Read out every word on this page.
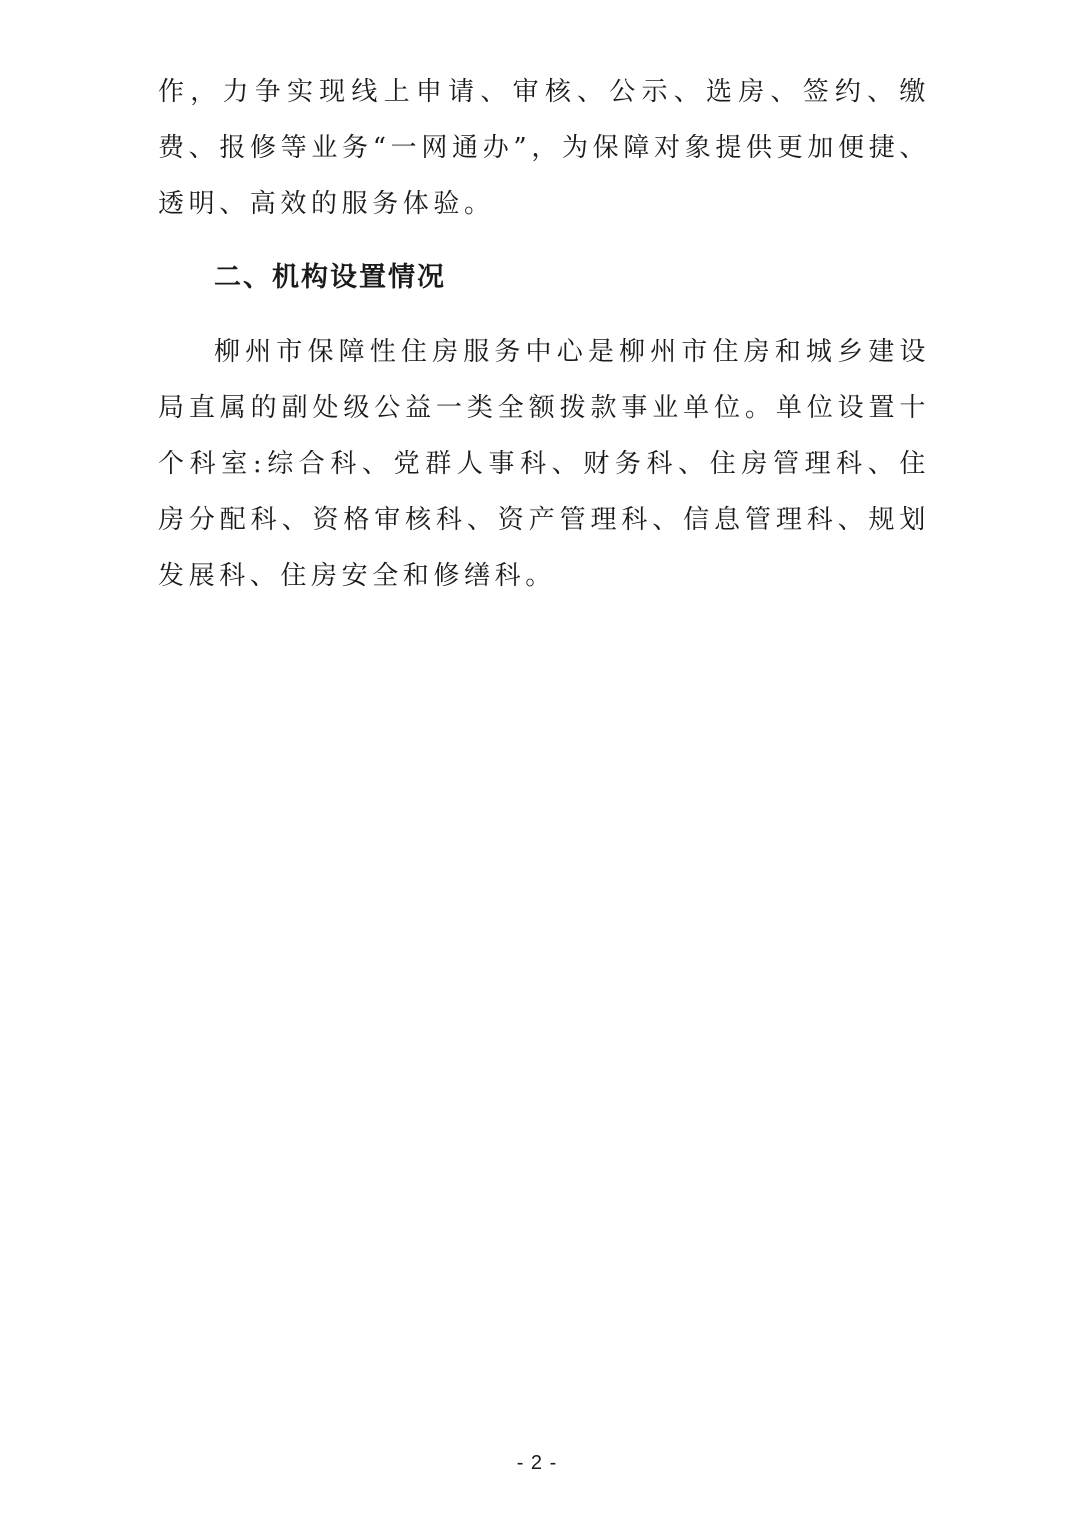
作，力争实现线上申请、审核、公示、选房、签约、缴费、报修等业务“一网通办”，为保障对象提供更加便捷、透明、高效的服务体验。

二、机构设置情况

柳州市保障性住房服务中心是柳州市住房和城乡建设局直属的副处级公益一类全额拨款事业单位。单位设置十个科室:综合科、党群人事科、财务科、住房管理科、住房分配科、资格审核科、资产管理科、信息管理科、规划发展科、住房安全和修缮科。

- 2 -
